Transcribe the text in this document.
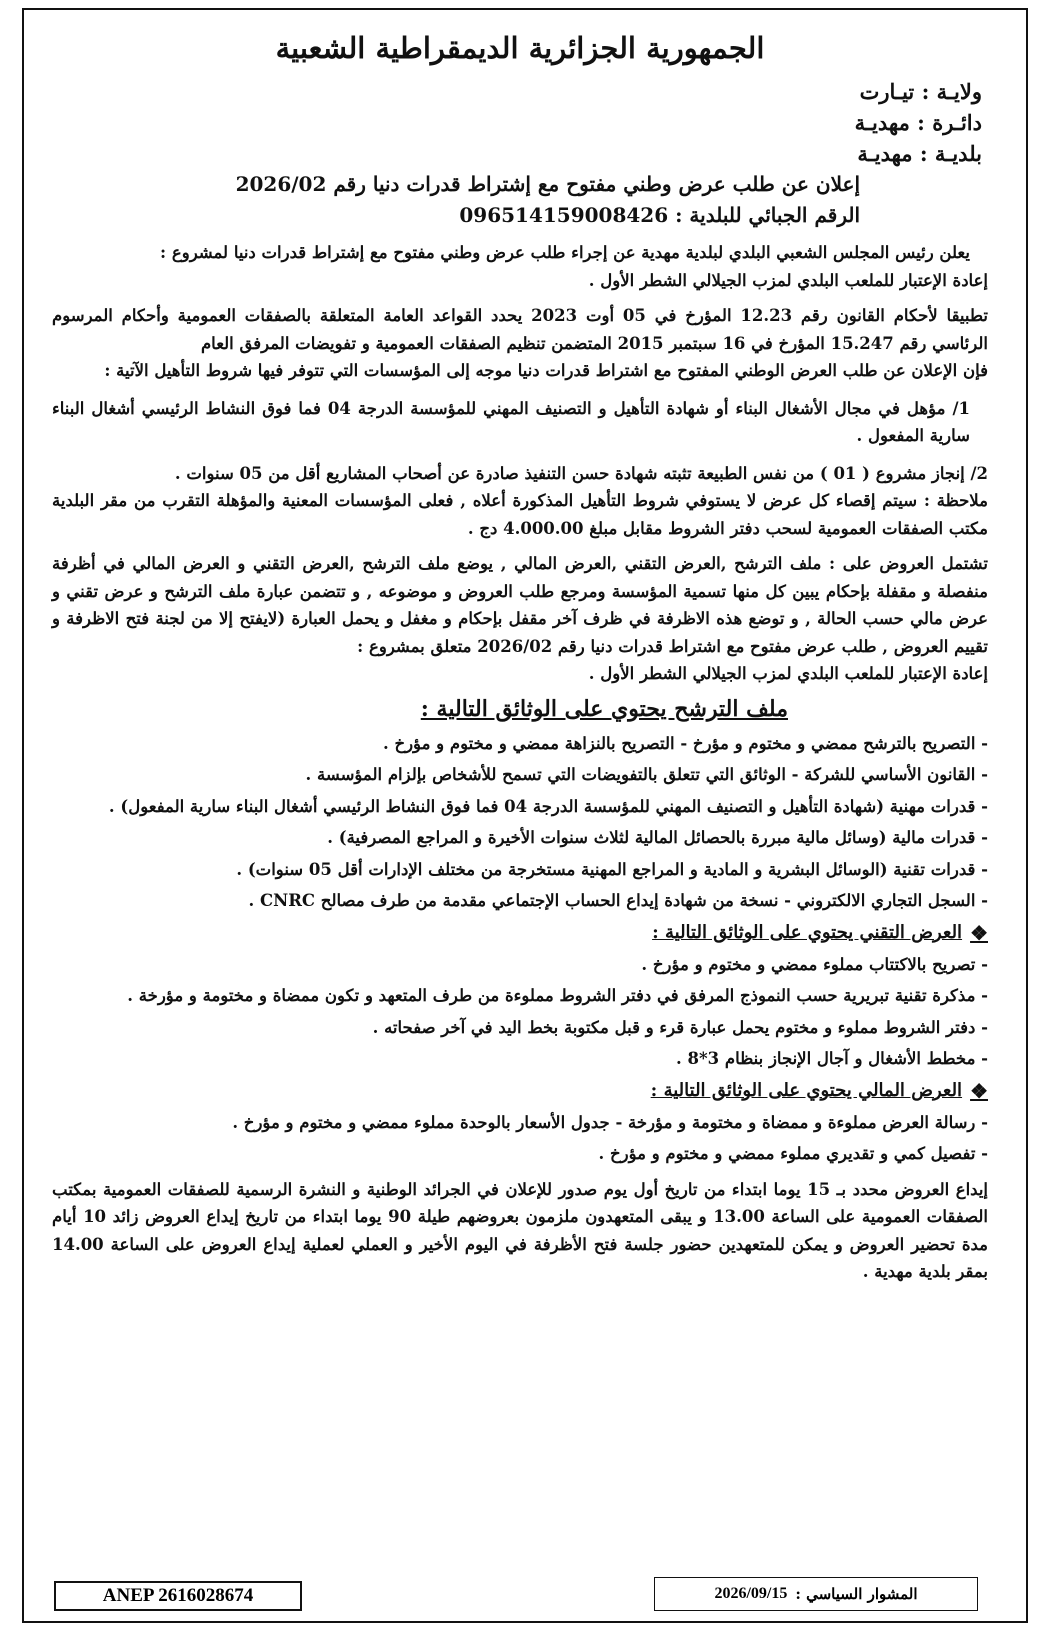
الجمهورية الجزائرية الديمقراطية الشعبية
ولايـة : تيـارت
دائـرة : مهديـة
بلديـة : مهديـة
إعلان عن طلب عرض وطني مفتوح مع إشتراط قدرات دنيا رقم 2026/02
الرقم الجبائي للبلدية : 096514159008426

يعلن رئيس المجلس الشعبي البلدي لبلدية مهدية عن إجراء طلب عرض وطني مفتوح مع إشتراط قدرات دنيا لمشروع :

إعادة الإعتبار للملعب البلدي لمزب الجيلالي الشطر الأول .

تطبيقا لأحكام القانون رقم 12.23 المؤرخ في 05 أوت 2023 يحدد القواعد العامة المتعلقة بالصفقات العمومية وأحكام المرسوم الرئاسي رقم 15.247 المؤرخ في 16 سبتمبر 2015 المتضمن تنظيم الصفقات العمومية و تفويضات المرفق العام

فإن الإعلان عن طلب العرض الوطني المفتوح مع اشتراط قدرات دنيا موجه إلى المؤسسات التي تتوفر فيها شروط التأهيل الآتية :

1/ مؤهل في مجال الأشغال البناء أو شهادة التأهيل و التصنيف المهني للمؤسسة الدرجة 04 فما فوق النشاط الرئيسي أشغال البناء سارية المفعول .

2/ إنجاز مشروع ( 01 ) من نفس الطبيعة تثبته شهادة حسن التنفيذ صادرة عن أصحاب المشاريع أقل من 05 سنوات .

ملاحظة : سيتم إقصاء كل عرض لا يستوفي شروط التأهيل المذكورة أعلاه , فعلى المؤسسات المعنية والمؤهلة التقرب من مقر البلدية مكتب الصفقات العمومية لسحب دفتر الشروط مقابل مبلغ 4.000.00 دج .

تشتمل العروض على : ملف الترشح ,العرض التقني ,العرض المالي , يوضع ملف الترشح ,العرض التقني و العرض المالي في أظرفة منفصلة و مقفلة بإحكام يبين كل منها تسمية المؤسسة ومرجع طلب العروض و موضوعه , و تتضمن عبارة ملف الترشح و عرض تقني و عرض مالي حسب الحالة , و توضع هذه الاظرفة في ظرف آخر مقفل بإحكام و مغفل و يحمل العبارة (لايفتح إلا من لجنة فتح الاظرفة و تقييم العروض , طلب عرض مفتوح مع اشتراط قدرات دنيا رقم 2026/02 متعلق بمشروع :

إعادة الإعتبار للملعب البلدي لمزب الجيلالي الشطر الأول .

ملف الترشح يحتوي على الوثائق التالية :

- التصريح بالترشح ممضي و مختوم و مؤرخ - التصريح بالنزاهة ممضي و مختوم و مؤرخ .

- القانون الأساسي للشركة - الوثائق التي تتعلق بالتفويضات التي تسمح للأشخاص بإلزام المؤسسة .

- قدرات مهنية (شهادة التأهيل و التصنيف المهني للمؤسسة الدرجة 04 فما فوق النشاط الرئيسي أشغال البناء سارية المفعول) .

- قدرات مالية (وسائل مالية مبررة بالحصائل المالية لثلاث سنوات الأخيرة و المراجع المصرفية) .

- قدرات تقنية (الوسائل البشرية و المادية و المراجع المهنية مستخرجة من مختلف الإدارات أقل 05 سنوات) .

- السجل التجاري الالكتروني - نسخة من شهادة إيداع الحساب الإجتماعي مقدمة من طرف مصالح CNRC .

❖
العرض التقني يحتوي على الوثائق التالية :

- تصريح بالاكتتاب مملوء ممضي و مختوم و مؤرخ .

- مذكرة تقنية تبريرية حسب النموذج المرفق في دفتر الشروط مملوءة من طرف المتعهد و تكون ممضاة و مختومة و مؤرخة .

- دفتر الشروط مملوء و مختوم يحمل عبارة قرء و قبل مكتوبة بخط اليد في آخر صفحاته .

- مخطط الأشغال و آجال الإنجاز بنظام 3*8 .

❖
العرض المالي يحتوي على الوثائق التالية :

- رسالة العرض مملوءة و ممضاة و مختومة و مؤرخة - جدول الأسعار بالوحدة مملوء ممضي و مختوم و مؤرخ .

- تفصيل كمي و تقديري مملوء ممضي و مختوم و مؤرخ .

إيداع العروض محدد بـ 15 يوما ابتداء من تاريخ أول يوم صدور للإعلان في الجرائد الوطنية و النشرة الرسمية للصفقات العمومية بمكتب الصفقات العمومية على الساعة 13.00 و يبقى المتعهدون ملزمون بعروضهم طيلة 90 يوما ابتداء من تاريخ إيداع العروض زائد 10 أيام مدة تحضير العروض و يمكن للمتعهدين حضور جلسة فتح الأظرفة في اليوم الأخير و العملي لعملية إيداع العروض على الساعة 14.00 بمقر بلدية مهدية .

ANEP 2616028674	المشوار السياسي :
2026/09/15
